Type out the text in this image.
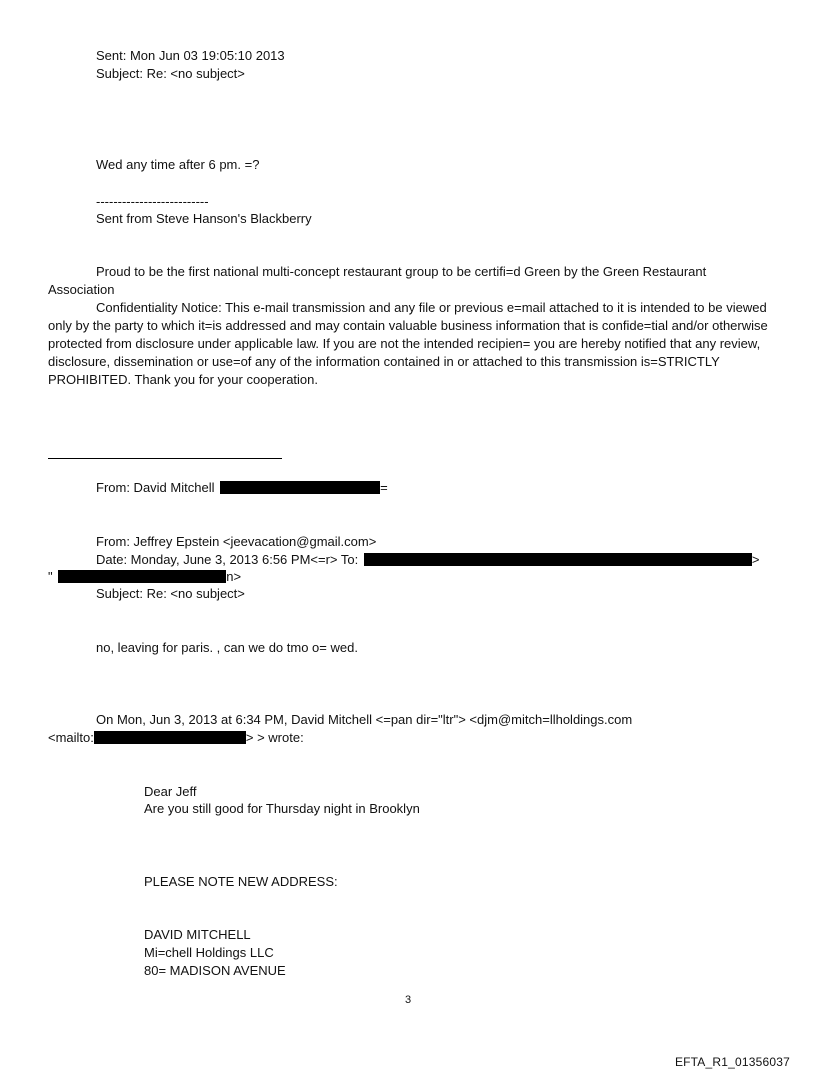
Sent: Mon Jun 03 19:05:10 2013
Subject: Re: <no subject>
Wed any time after 6 pm. =?
--------------------------
Sent from Steve Hanson's Blackberry
Proud to be the first national multi-concept restaurant group to be certifi=d Green by the Green Restaurant Association
Confidentiality Notice: This e-mail transmission and any file or previous e=mail attached to it is intended to be viewed only by the party to which it=is addressed and may contain valuable business information that is confide=tial and/or otherwise protected from disclosure under applicable law. If you are not the intended recipien= you are hereby notified that any review, disclosure, dissemination or use=of any of the information contained in or attached to this transmission is=STRICTLY PROHIBITED. Thank you for your cooperation.
From: David Mitchell	=
From: Jeffrey Epstein <jeevacation@gmail.com>
Date: Monday, June 3, 2013 6:56 PM<=r> To:	>
"	n>
Subject: Re: <no subject>
no, leaving for paris. , can we do tmo o= wed.
On Mon, Jun 3, 2013 at 6:34 PM, David Mitchell <=pan dir="ltr"> <djm@mitch=llholdings.com
<mailto:	> > wrote:
Dear Jeff
Are you still good for Thursday night in Brooklyn
PLEASE NOTE NEW ADDRESS:
DAVID MITCHELL
Mi=chell Holdings LLC
80= MADISON AVENUE
3
EFTA_R1_01356037
